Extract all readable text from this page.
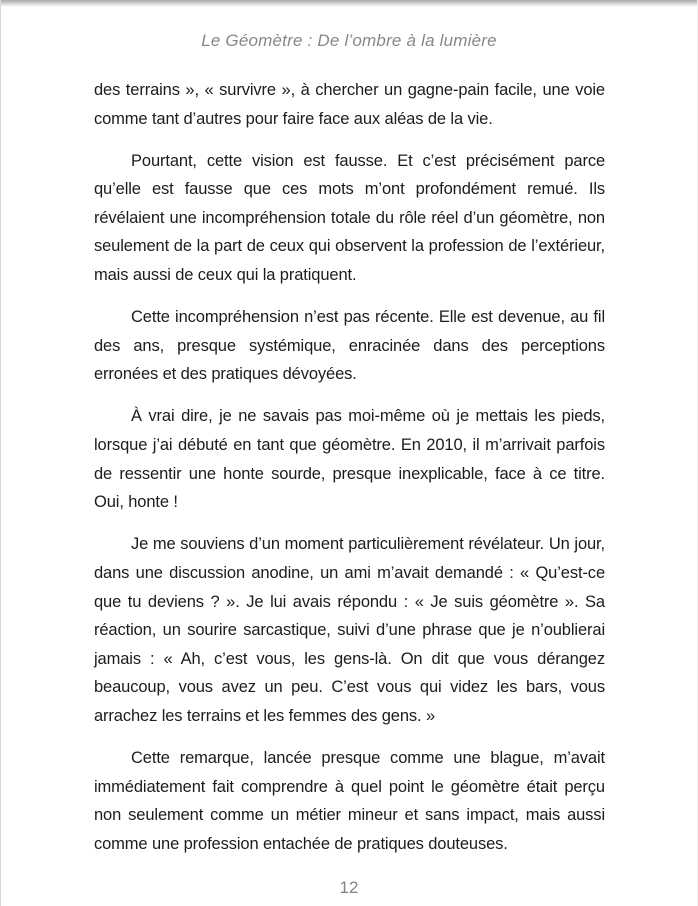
Le Géomètre : De l’ombre à la lumière

des terrains », « survivre », à chercher un gagne-pain facile, une voie comme tant d’autres pour faire face aux aléas de la vie.

Pourtant, cette vision est fausse. Et c’est précisément parce qu’elle est fausse que ces mots m’ont profondément remué. Ils révélaient une incompréhension totale du rôle réel d’un géomètre, non seulement de la part de ceux qui observent la profession de l’extérieur, mais aussi de ceux qui la pratiquent.

Cette incompréhension n’est pas récente. Elle est devenue, au fil des ans, presque systémique, enracinée dans des perceptions erronées et des pratiques dévoyées.

À vrai dire, je ne savais pas moi-même où je mettais les pieds, lorsque j’ai débuté en tant que géomètre. En 2010, il m’arrivait parfois de ressentir une honte sourde, presque inexplicable, face à ce titre. Oui, honte !

Je me souviens d’un moment particulièrement révélateur. Un jour, dans une discussion anodine, un ami m’avait demandé : « Qu’est-ce que tu deviens ? ». Je lui avais répondu : « Je suis géomètre ». Sa réaction, un sourire sarcastique, suivi d’une phrase que je n’oublierai jamais : « Ah, c’est vous, les gens-là. On dit que vous dérangez beaucoup, vous avez un peu. C’est vous qui videz les bars, vous arrachez les terrains et les femmes des gens. »

Cette remarque, lancée presque comme une blague, m’avait immédiatement fait comprendre à quel point le géomètre était perçu non seulement comme un métier mineur et sans impact, mais aussi comme une profession entachée de pratiques douteuses.

12
